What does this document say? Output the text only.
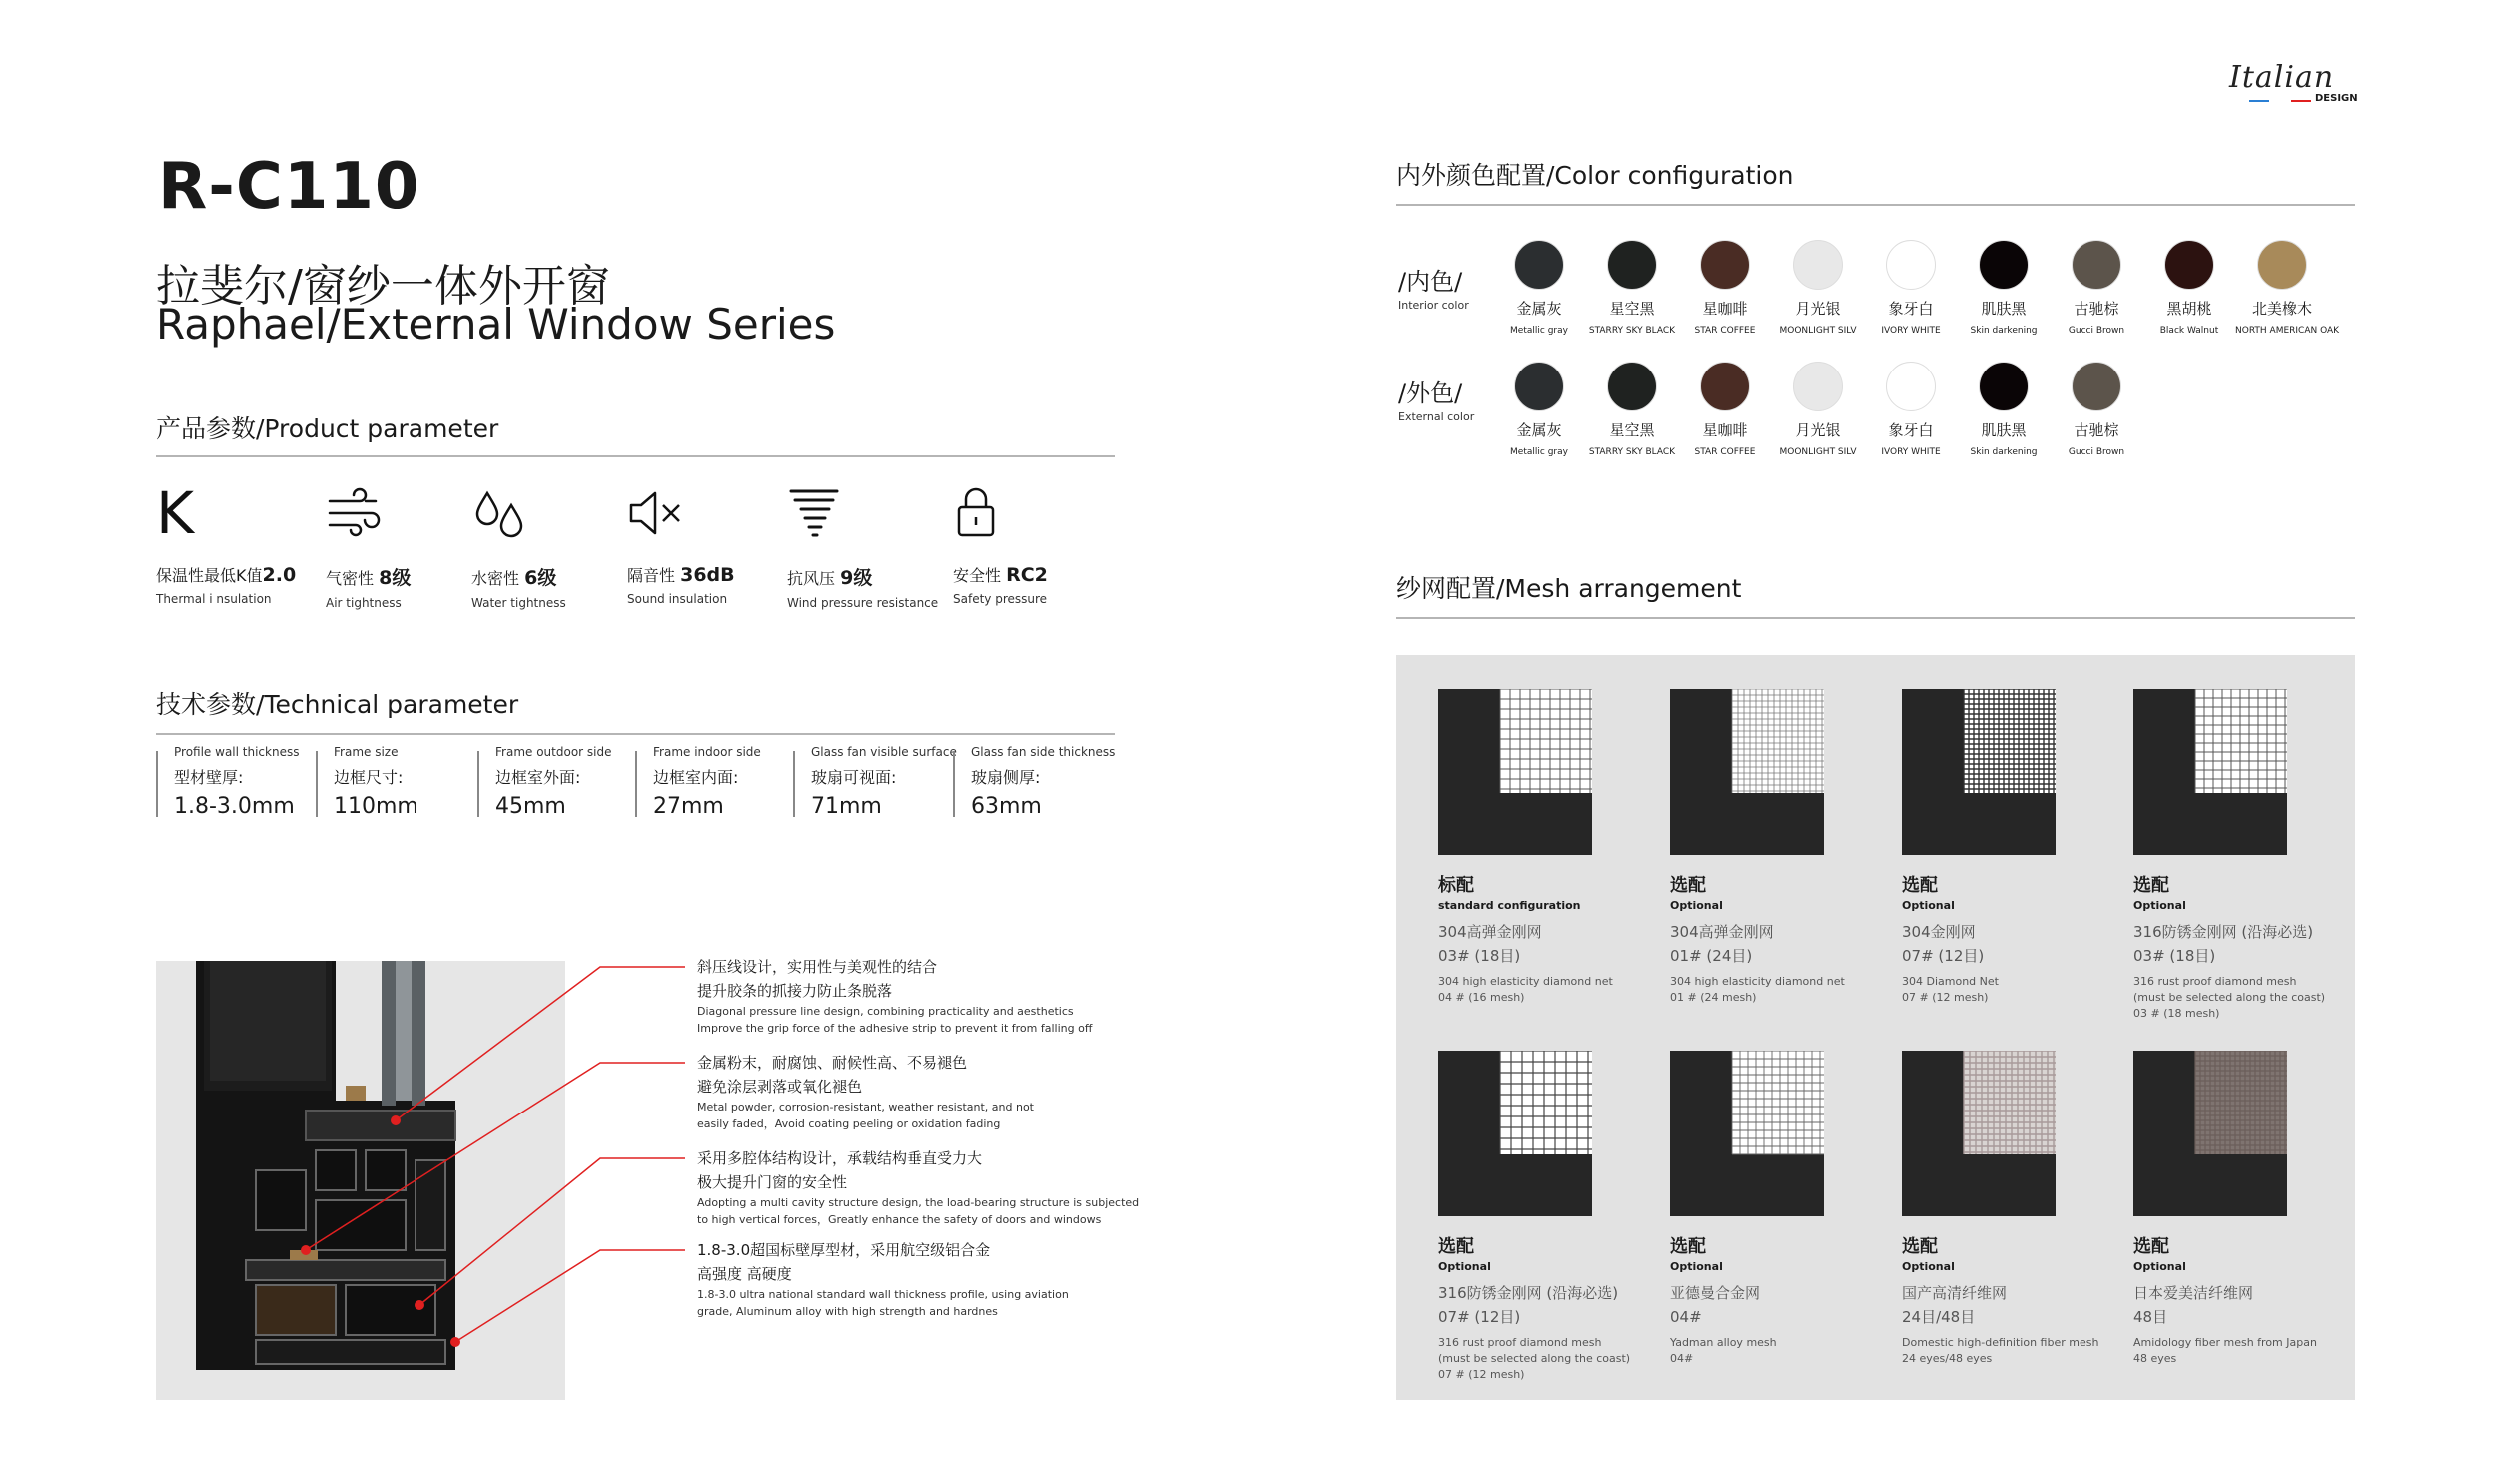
R-C110
拉斐尔/窗纱一体外开窗
Raphael/External Window Series
产品参数/Product parameter
K
保温性最低K值2.0
Thermal i nsulation
气密性 8级
Air tightness
水密性 6级
Water tightness
隔音性 36dB
Sound insulation
抗风压 9级
Wind pressure resistance
安全性 RC2
Safety pressure
技术参数/Technical parameter
Profile wall thickness
型材壁厚:
1.8-3.0mm
Frame size
边框尺寸:
110mm
Frame outdoor side
边框室外面:
45mm
Frame indoor side
边框室内面:
27mm
Glass fan visible surface
玻扇可视面:
71mm
Glass fan side thickness
玻扇侧厚:
63mm
斜压线设计，实用性与美观性的结合
提升胶条的抓接力防止条脱落
Diagonal pressure line design, combining practicality and aesthetics
Improve the grip force of the adhesive strip to prevent it from falling off
金属粉末，耐腐蚀、耐候性高、不易褪色
避免涂层剥落或氧化褪色
Metal powder, corrosion-resistant, weather resistant, and not
easily faded，Avoid coating peeling or oxidation fading
采用多腔体结构设计，承载结构垂直受力大
极大提升门窗的安全性
Adopting a multi cavity structure design, the load-bearing structure is subjected
to high vertical forces，Greatly enhance the safety of doors and windows
1.8-3.0超国标壁厚型材，采用航空级铝合金
高强度 高硬度
1.8-3.0 ultra national standard wall thickness profile, using aviation
grade, Aluminum alloy with high strength and hardnes
Italian
DESIGN
内外颜色配置/Color configuration
/内色/
Interior color
/外色/
External color
金属灰
Metallic gray
星空黑
STARRY SKY BLACK
星咖啡
STAR COFFEE
月光银
MOONLIGHT SILV
象牙白
IVORY WHITE
肌肤黑
Skin darkening
古驰棕
Gucci Brown
黑胡桃
Black Walnut
北美橡木
NORTH AMERICAN OAK
金属灰
Metallic gray
星空黑
STARRY SKY BLACK
星咖啡
STAR COFFEE
月光银
MOONLIGHT SILV
象牙白
IVORY WHITE
肌肤黑
Skin darkening
古驰棕
Gucci Brown
纱网配置/Mesh arrangement
标配
standard configuration
304高弹金刚网
03# (18目)
304 high elasticity diamond net
04 # (16 mesh)
选配
Optional
304高弹金刚网
01# (24目)
304 high elasticity diamond net
01 # (24 mesh)
选配
Optional
304金刚网
07# (12目)
304 Diamond Net
07 # (12 mesh)
选配
Optional
316防锈金刚网 (沿海必选)
03# (18目)
316 rust proof diamond mesh
(must be selected along the coast)
03 # (18 mesh)
选配
Optional
316防锈金刚网 (沿海必选)
07# (12目)
316 rust proof diamond mesh
(must be selected along the coast)
07 # (12 mesh)
选配
Optional
亚德曼合金网
04#
Yadman alloy mesh
04#
选配
Optional
国产高清纤维网
24目/48目
Domestic high-definition fiber mesh
24 eyes/48 eyes
选配
Optional
日本爱美洁纤维网
48目
Amidology fiber mesh from Japan
48 eyes
